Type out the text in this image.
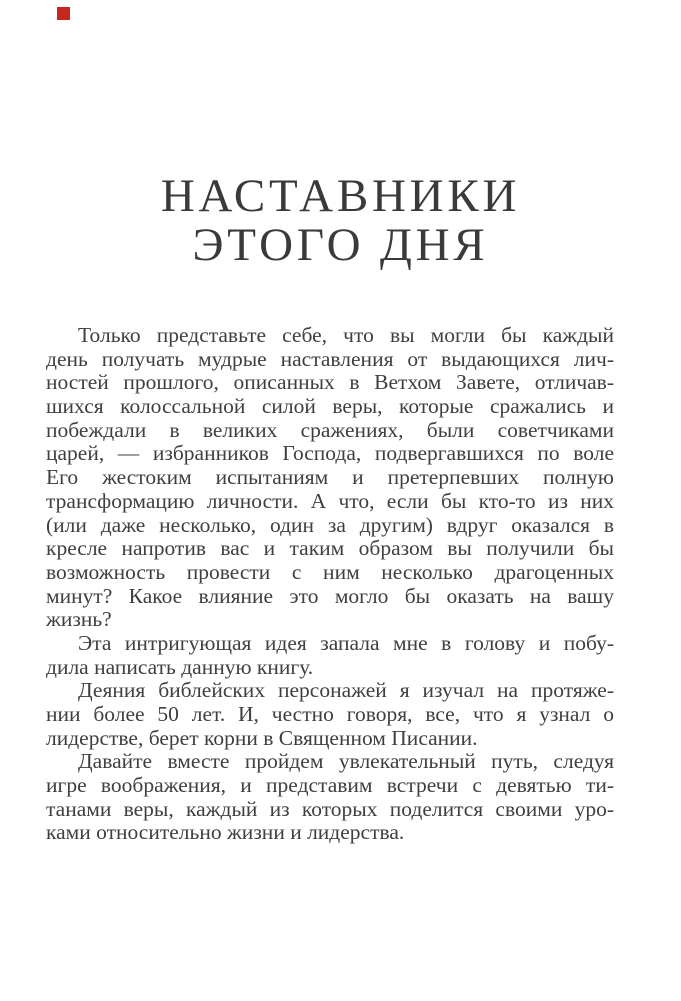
НАСТАВНИКИ
ЭТОГО ДНЯ
Только представьте себе, что вы могли бы каждый
день получать мудрые наставления от выдающихся лич-
ностей прошлого, описанных в Ветхом Завете, отличав-
шихся колоссальной силой веры, которые сражались и
побеждали в великих сражениях, были советчиками
царей, — избранников Господа, подвергавшихся по воле
Его жестоким испытаниям и претерпевших полную
трансформацию личности. А что, если бы кто-то из них
(или даже несколько, один за другим) вдруг оказался в
кресле напротив вас и таким образом вы получили бы
возможность провести с ним несколько драгоценных
минут? Какое влияние это могло бы оказать на вашу
жизнь?
Эта интригующая идея запала мне в голову и побу-
дила написать данную книгу.
Деяния библейских персонажей я изучал на протяже-
нии более 50 лет. И, честно говоря, все, что я узнал о
лидерстве, берет корни в Священном Писании.
Давайте вместе пройдем увлекательный путь, следуя
игре воображения, и представим встречи с девятью ти-
танами веры, каждый из которых поделится своими уро-
ками относительно жизни и лидерства.
